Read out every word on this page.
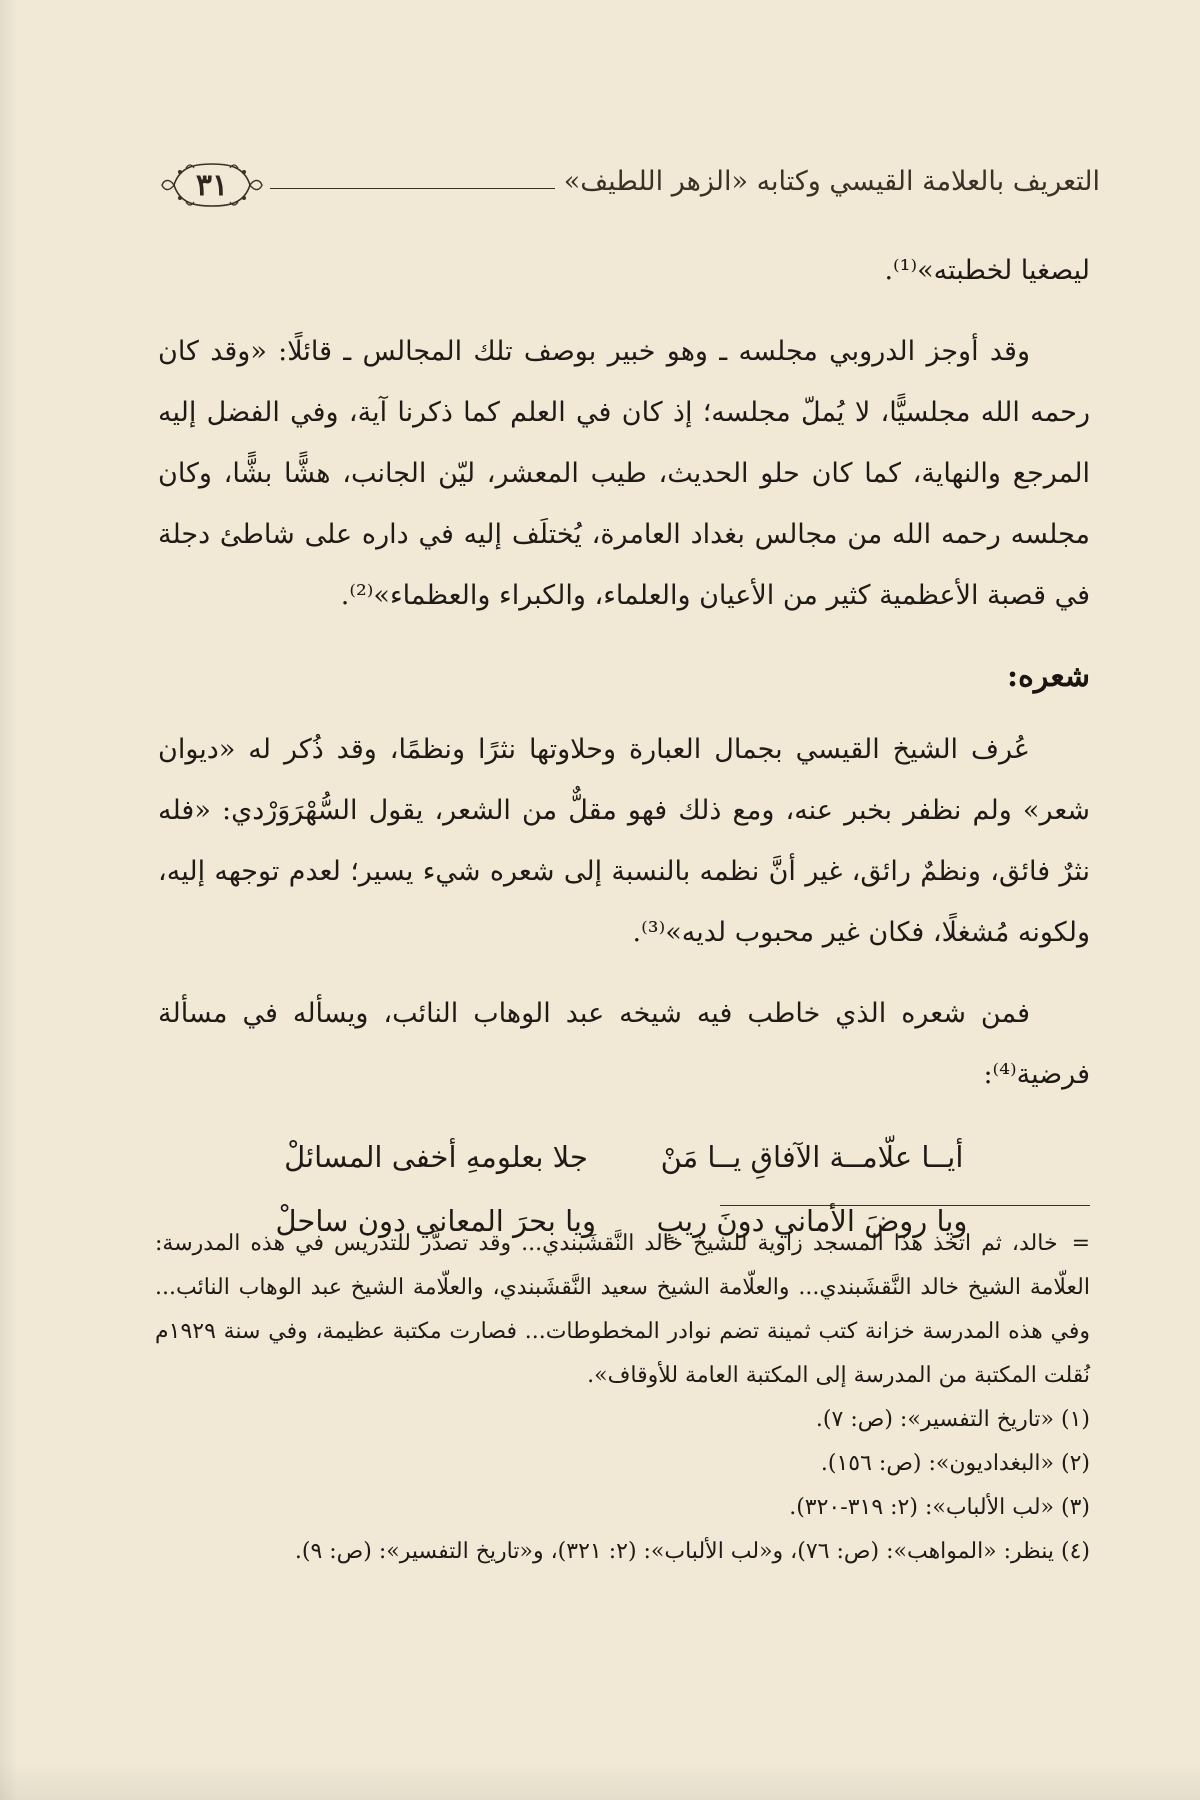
التعريف بالعلامة القيسي وكتابه «الزهر اللطيف»
٣١

ليصغيا لخطبته»⁽¹⁾.

وقد أوجز الدروبي مجلسه ـ وهو خبير بوصف تلك المجالس ـ قائلًا: «وقد كان رحمه الله مجلسيًّا، لا يُملّ مجلسه؛ إذ كان في العلم كما ذكرنا آية، وفي الفضل إليه المرجع والنهاية، كما كان حلو الحديث، طيب المعشر، ليّن الجانب، هشًّا بشًّا، وكان مجلسه رحمه الله من مجالس بغداد العامرة، يُختلَف إليه في داره على شاطئ دجلة في قصبة الأعظمية كثير من الأعيان والعلماء، والكبراء والعظماء»⁽²⁾.

شعره:

عُرف الشيخ القيسي بجمال العبارة وحلاوتها نثرًا ونظمًا، وقد ذُكر له «ديوان شعر» ولم نظفر بخبر عنه، ومع ذلك فهو مقلٌّ من الشعر، يقول السُّهْرَوَرْدي: «فله نثرٌ فائق، ونظمٌ رائق، غير أنَّ نظمه بالنسبة إلى شعره شيء يسير؛ لعدم توجهه إليه، ولكونه مُشغلًا، فكان غير محبوب لديه»⁽³⁾.

فمن شعره الذي خاطب فيه شيخه عبد الوهاب النائب، ويسأله في مسألة فرضية⁽⁴⁾:

أيــا علّامــة الآفاقِ يــا مَنْ
جلا بعلومهِ أخفى المسائلْ
ويا روضَ الأماني دونَ ريبٍ
ويا بحرَ المعاني دون ساحلْ

=خالد، ثم اتخذ هذا المسجد زاوية للشيخ خالد النَّقشَبندي... وقد تصدَّر للتدريس في هذه المدرسة: العلّامة الشيخ خالد النَّقشَبندي... والعلّامة الشيخ سعيد النَّقشَبندي، والعلّامة الشيخ عبد الوهاب النائب... وفي هذه المدرسة خزانة كتب ثمينة تضم نوادر المخطوطات... فصارت مكتبة عظيمة، وفي سنة ١٩٢٩م نُقلت المكتبة من المدرسة إلى المكتبة العامة للأوقاف».

(١) «تاريخ التفسير»: (ص: ٧).

(٢) «البغداديون»: (ص: ١٥٦).

(٣) «لب الألباب»: (٢: ٣١٩-٣٢٠).

(٤) ينظر: «المواهب»: (ص: ٧٦)، و«لب الألباب»: (٢: ٣٢١)، و«تاريخ التفسير»: (ص: ٩).
